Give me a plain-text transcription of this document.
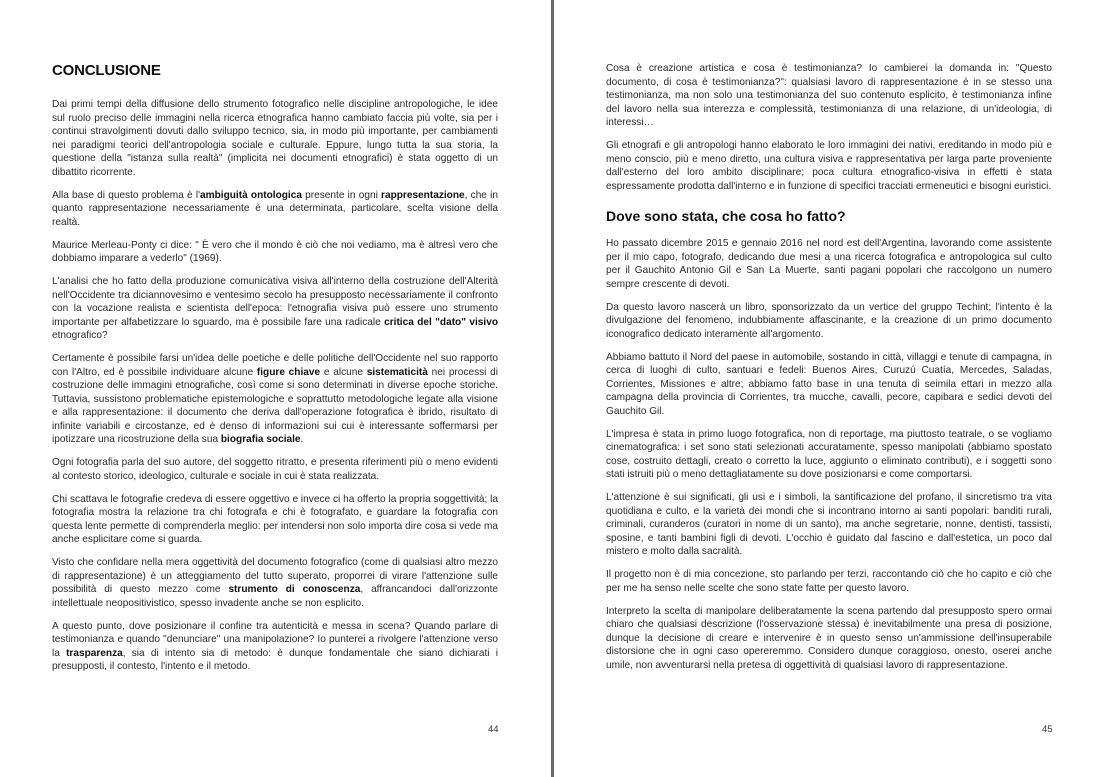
CONCLUSIONE

Dai primi tempi della diffusione dello strumento fotografico nelle discipline antropologiche, le idee sul ruolo preciso delle immagini nella ricerca etnografica hanno cambiato faccia più volte, sia per i continui stravolgimenti dovuti dallo sviluppo tecnico, sia, in modo più importante, per cambiamenti nei paradigmi teorici dell'antropologia sociale e culturale. Eppure, lungo tutta la sua storia, la questione della "istanza sulla realtà" (implicita nei documenti etnografici) è stata oggetto di un dibattito ricorrente.

Alla base di questo problema è l'ambiguità ontologica presente in ogni rappresentazione, che in quanto rappresentazione necessariamente è una determinata, particolare, scelta visione della realtà.

Maurice Merleau-Ponty ci dice: " È vero che il mondo è ciò che noi vediamo, ma è altresì vero che dobbiamo imparare a vederlo" (1969).

L'analisi che ho fatto della produzione comunicativa visiva all'interno della costruzione dell'Alterità nell'Occidente tra diciannovesimo e ventesimo secolo ha presupposto necessariamente il confronto con la vocazione realista e scientista dell'epoca: l'etnografia visiva può essere uno strumento importante per alfabetizzare lo sguardo, ma è possibile fare una radicale critica del "dato" visivo etnografico?

Certamente è possibile farsi un'idea delle poetiche e delle politiche dell'Occidente nel suo rapporto con l'Altro, ed è possibile individuare alcune figure chiave e alcune sistematicità nei processi di costruzione delle immagini etnografiche, così come si sono determinati in diverse epoche storiche. Tuttavia, sussistono problematiche epistemologiche e soprattutto metodologiche legate alla visione e alla rappresentazione: il documento che deriva dall'operazione fotografica è ibrido, risultato di infinite variabili e circostanze, ed è denso di informazioni sui cui è interessante soffermarsi per ipotizzare una ricostruzione della sua biografia sociale.

Ogni fotografia parla del suo autore, del soggetto ritratto, e presenta riferimenti più o meno evidenti al contesto storico, ideologico, culturale e sociale in cui è stata realizzata.

Chi scattava le fotografie credeva di essere oggettivo e invece ci ha offerto la propria soggettività; la fotografia mostra la relazione tra chi fotografa e chi è fotografato, e guardare la fotografia con questa lente permette di comprenderla meglio: per intendersi non solo importa dire cosa si vede ma anche esplicitare come si guarda.

Visto che confidare nella mera oggettività del documento fotografico (come di qualsiasi altro mezzo di rappresentazione) è un atteggiamento del tutto superato, proporrei di virare l'attenzione sulle possibilità di questo mezzo come strumento di conoscenza, affrancandoci dall'orizzonte intellettuale neopositivistico, spesso invadente anche se non esplicito.

A questo punto, dove posizionare il confine tra autenticità e messa in scena? Quando parlare di testimonianza e quando "denunciare" una manipolazione? Io punterei a rivolgere l'attenzione verso la trasparenza, sia di intento sia di metodo: è dunque fondamentale che siano dichiarati i presupposti, il contesto, l'intento e il metodo.

44

Cosa è creazione artistica e cosa è testimonianza? Io cambierei la domanda in: "Questo documento, di cosa è testimonianza?": qualsiasi lavoro di rappresentazione è in se stesso una testimonianza, ma non solo una testimonianza del suo contenuto esplicito, è testimonianza infine del lavoro nella sua interezza e complessità, testimonianza di una relazione, di un'ideologia, di interessi…

Gli etnografi e gli antropologi hanno elaborato le loro immagini dei nativi, ereditando in modo più e meno conscio, più e meno diretto, una cultura visiva e rappresentativa per larga parte proveniente dall'esterno del loro ambito disciplinare; poca cultura etnografico-visiva in effetti è stata espressamente prodotta dall'interno e in funzione di specifici tracciati ermeneutici e bisogni euristici.

Dove sono stata, che cosa ho fatto?

Ho passato dicembre 2015 e gennaio 2016 nel nord est dell'Argentina, lavorando come assistente per il mio capo, fotografo, dedicando due mesi a una ricerca fotografica e antropologica sul culto per il Gauchito Antonio Gil e San La Muerte, santi pagani popolari che raccolgono un numero sempre crescente di devoti.

Da questo lavoro nascerà un libro, sponsorizzato da un vertice del gruppo Techint; l'intento è la divulgazione del fenomeno, indubbiamente affascinante, e la creazione di un primo documento iconografico dedicato interamente all'argomento.

Abbiamo battuto il Nord del paese in automobile, sostando in città, villaggi e tenute di campagna, in cerca di luoghi di culto, santuari e fedeli: Buenos Aires, Curuzú Cuatía, Mercedes, Saladas, Corrientes, Missiones e altre; abbiamo fatto base in una tenuta di seimila ettari in mezzo alla campagna della provincia di Corrientes, tra mucche, cavalli, pecore, capibara e sedici devoti del Gauchito Gil.

L'impresa è stata in primo luogo fotografica, non di reportage, ma piuttosto teatrale, o se vogliamo cinematografica: i set sono stati selezionati accuratamente, spesso manipolati (abbiamo spostato cose, costruito dettagli, creato o corretto la luce, aggiunto o eliminato contributi), e i soggetti sono stati istruiti più o meno dettagliatamente su dove posizionarsi e come comportarsi.

L'attenzione è sui significati, gli usi e i simboli, la santificazione del profano, il sincretismo tra vita quotidiana e culto, e la varietà dei mondi che si incontrano intorno ai santi popolari: banditi rurali, criminali, curanderos (curatori in nome di un santo), ma anche segretarie, nonne, dentisti, tassisti, sposine, e tanti bambini figli di devoti. L'occhio è guidato dal fascino e dall'estetica, un poco dal mistero e molto dalla sacralità.

Il progetto non è di mia concezione, sto parlando per terzi, raccontando ciò che ho capito e ciò che per me ha senso nelle scelte che sono state fatte per questo lavoro.

Interpreto la scelta di manipolare deliberatamente la scena partendo dal presupposto spero ormai chiaro che qualsiasi descrizione (l'osservazione stessa) è inevitabilmente una presa di posizione, dunque la decisione di creare e intervenire è in questo senso un'ammissione dell'insuperabile distorsione che in ogni caso opereremmo. Considero dunque coraggioso, onesto, oserei anche umile, non avventurarsi nella pretesa di oggettività di qualsiasi lavoro di rappresentazione.

45
